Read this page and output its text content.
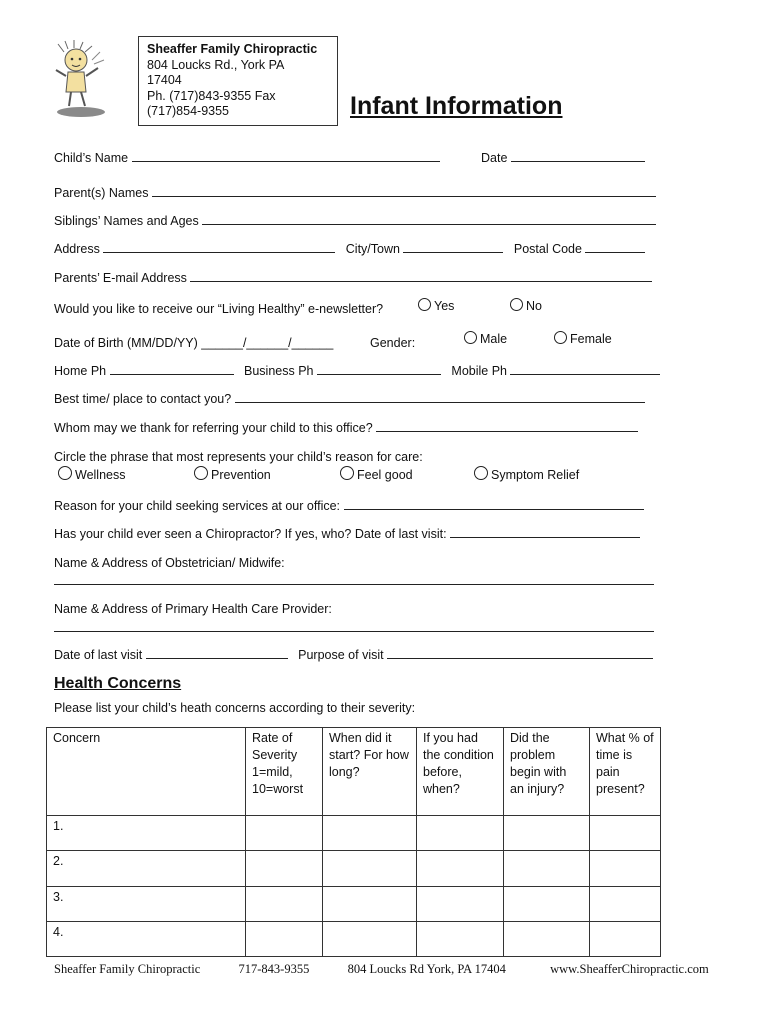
Sheaffer Family Chiropractic
804 Loucks Rd., York PA
17404
Ph. (717)843-9355 Fax
(717)854-9355	Infant Information
Child’s Name	Date
Parent(s) Names
Siblings’ Names and Ages
Address	City/Town	Postal Code
Parents’ E-mail Address
Would you like to receive our “Living Healthy” e-newsletter?	Yes	No
Date of Birth (MM/DD/YY) ______/______/______	Gender:	Male	Female
Home Ph	Business Ph	Mobile Ph
Best time/ place to contact you?
Whom may we thank for referring your child to this office?
Circle the phrase that most represents your child’s reason for care:
Wellness	Prevention	Feel good	Symptom Relief
Reason for your child seeking services at our office:
Has your child ever seen a Chiropractor? If yes, who? Date of last visit:
Name & Address of Obstetrician/ Midwife:
Name & Address of Primary Health Care Provider:
Date of last visit	Purpose of visit
Health Concerns
Please list your child’s heath concerns according to their severity:
Concern	Rate of Severity 1=mild, 10=worst	When did it start? For how long?	If you had the condition before, when?	Did the problem begin with an injury?	What % of time is pain present?
1.					
2.					
3.					
4.					
Sheaffer Family Chiropractic	717-843-9355	804 Loucks Rd York, PA 17404	www.SheafferChiropractic.com
